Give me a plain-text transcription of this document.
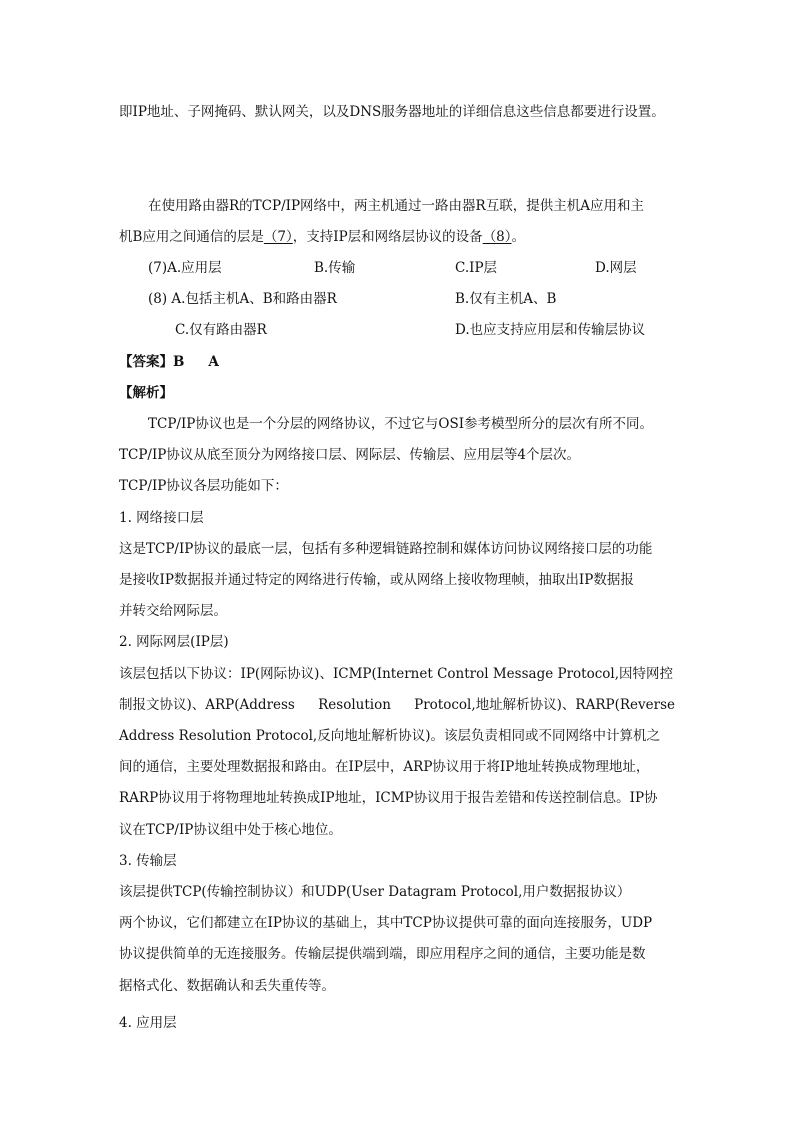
即IP地址、子网掩码、默认网关，以及DNS服务器地址的详细信息这些信息都要进行设置。
在使用路由器R的TCP/IP网络中，两主机通过一路由器R互联，提供主机A应用和主
机B应用之间通信的层是（7），支持IP层和网络层协议的设备（8）。
(7)A.应用层	B.传输	C.IP层	D.网层
(8) A.包括主机A、B和路由器R	B.仅有主机A、B
C.仅有路由器R	D.也应支持应用层和传输层协议
【答案】B A
【解析】
TCP/IP协议也是一个分层的网络协议，不过它与OSI参考模型所分的层次有所不同。
TCP/IP协议从底至顶分为网络接口层、网际层、传输层、应用层等4个层次。
TCP/IP协议各层功能如下：
1. 网络接口层
这是TCP/IP协议的最底一层，包括有多种逻辑链路控制和媒体访问协议网络接口层的功能
是接收IP数据报并通过特定的网络进行传输，或从网络上接收物理帧，抽取出IP数据报
并转交给网际层。
2. 网际网层(IP层)
该层包括以下协议：IP(网际协议)、ICMP(Internet Control Message Protocol,因特网控
制报文协议)、ARP(Address Resolution Protocol,地址解析协议)、RARP(Reverse
Address Resolution Protocol,反向地址解析协议)。该层负责相同或不同网络中计算机之
间的通信，主要处理数据报和路由。在IP层中，ARP协议用于将IP地址转换成物理地址，
RARP协议用于将物理地址转换成IP地址，ICMP协议用于报告差错和传送控制信息。IP协
议在TCP/IP协议组中处于核心地位。
3. 传输层
该层提供TCP(传输控制协议）和UDP(User Datagram Protocol,用户数据报协议）
两个协议，它们都建立在IP协议的基础上，其中TCP协议提供可靠的面向连接服务，UDP
协议提供简单的无连接服务。传输层提供端到端，即应用程序之间的通信，主要功能是数
据格式化、数据确认和丢失重传等。
4. 应用层
